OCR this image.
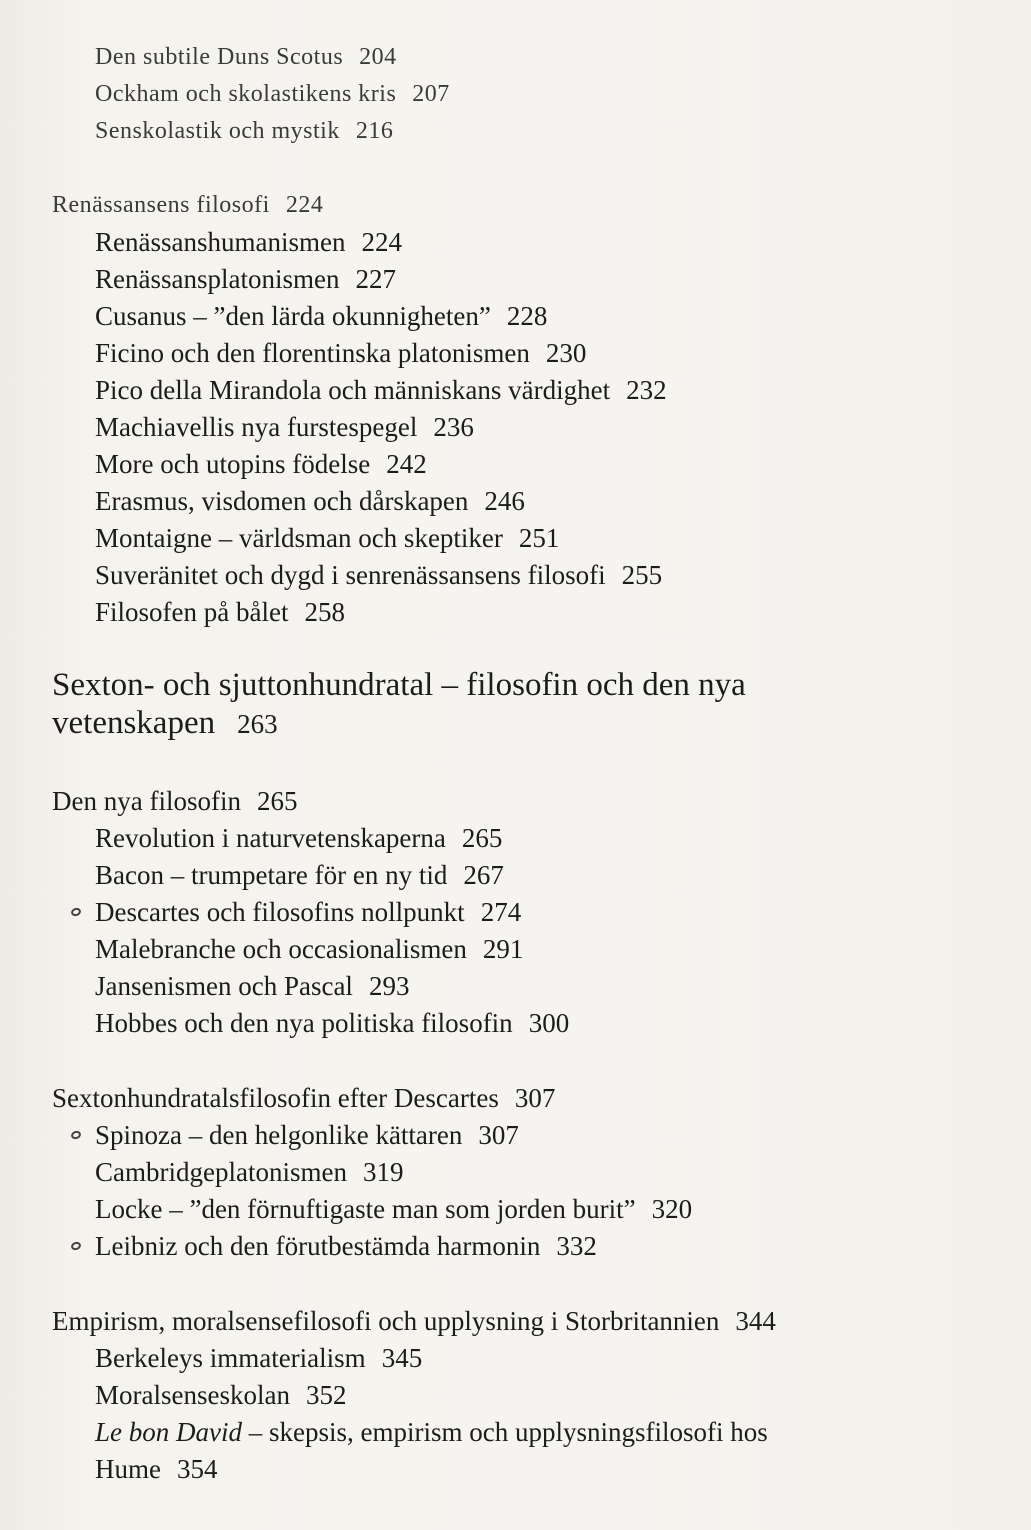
Den subtile Duns Scotus 204
Ockham och skolastikens kris 207
Senskolastik och mystik 216
Renässansens filosofi 224
Renässanshumanismen 224
Renässansplatonismen 227
Cusanus – ”den lärda okunnigheten” 228
Ficino och den florentinska platonismen 230
Pico della Mirandola och människans värdighet 232
Machiavellis nya furstespegel 236
More och utopins födelse 242
Erasmus, visdomen och dårskapen 246
Montaigne – världsman och skeptiker 251
Suveränitet och dygd i senrenässansens filosofi 255
Filosofen på bålet 258
Sexton- och sjuttonhundratal – filosofin och den nya
vetenskapen 263
Den nya filosofin 265
Revolution i naturvetenskaperna 265
Bacon – trumpetare för en ny tid 267
Descartes och filosofins nollpunkt 274
Malebranche och occasionalismen 291
Jansenismen och Pascal 293
Hobbes och den nya politiska filosofin 300
Sextonhundratalsfilosofin efter Descartes 307
Spinoza – den helgonlike kättaren 307
Cambridgeplatonismen 319
Locke – ”den förnuftigaste man som jorden burit” 320
Leibniz och den förutbestämda harmonin 332
Empirism, moralsensefilosofi och upplysning i Storbritannien 344
Berkeleys immaterialism 345
Moralsenseskolan 352
Le bon David – skepsis, empirism och upplysningsfilosofi hos
Hume 354
